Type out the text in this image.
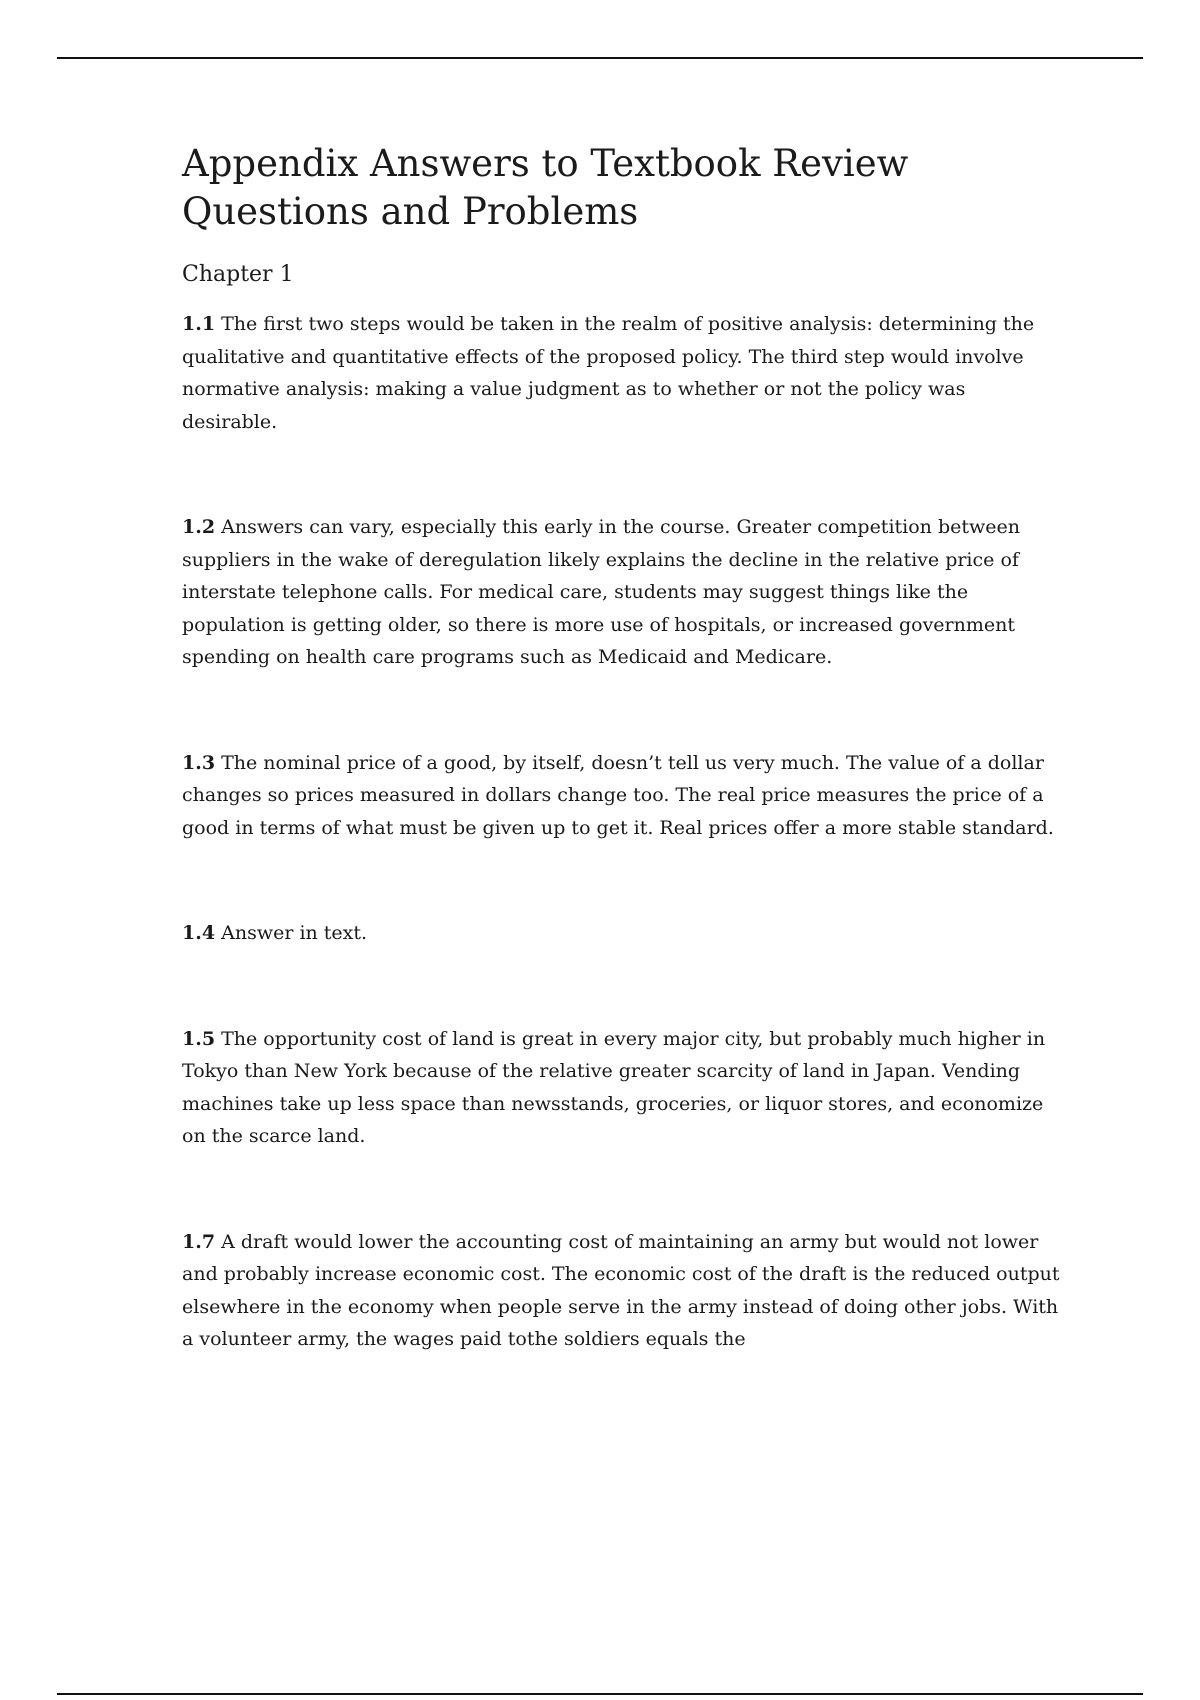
Appendix Answers to Textbook Review Questions and Problems
Chapter 1

1.1 The first two steps would be taken in the realm of positive analysis: determining the qualitative and quantitative effects of the proposed policy. The third step would involve normative analysis: making a value judgment as to whether or not the policy was desirable.

1.2 Answers can vary, especially this early in the course. Greater competition between suppliers in the wake of deregulation likely explains the decline in the relative price of interstate telephone calls. For medical care, students may suggest things like the population is getting older, so there is more use of hospitals, or increased government spending on health care programs such as Medicaid and Medicare.

1.3 The nominal price of a good, by itself, doesn’t tell us very much. The value of a dollar changes so prices measured in dollars change too. The real price measures the price of a good in terms of what must be given up to get it. Real prices offer a more stable standard.

1.4 Answer in text.

1.5 The opportunity cost of land is great in every major city, but probably much higher in Tokyo than New York because of the relative greater scarcity of land in Japan. Vending machines take up less space than newsstands, groceries, or liquor stores, and economize on the scarce land.

1.7 A draft would lower the accounting cost of maintaining an army but would not lower and probably increase economic cost. The economic cost of the draft is the reduced output elsewhere in the economy when people serve in the army instead of doing other jobs. With a volunteer army, the wages paid tothe soldiers equals the
